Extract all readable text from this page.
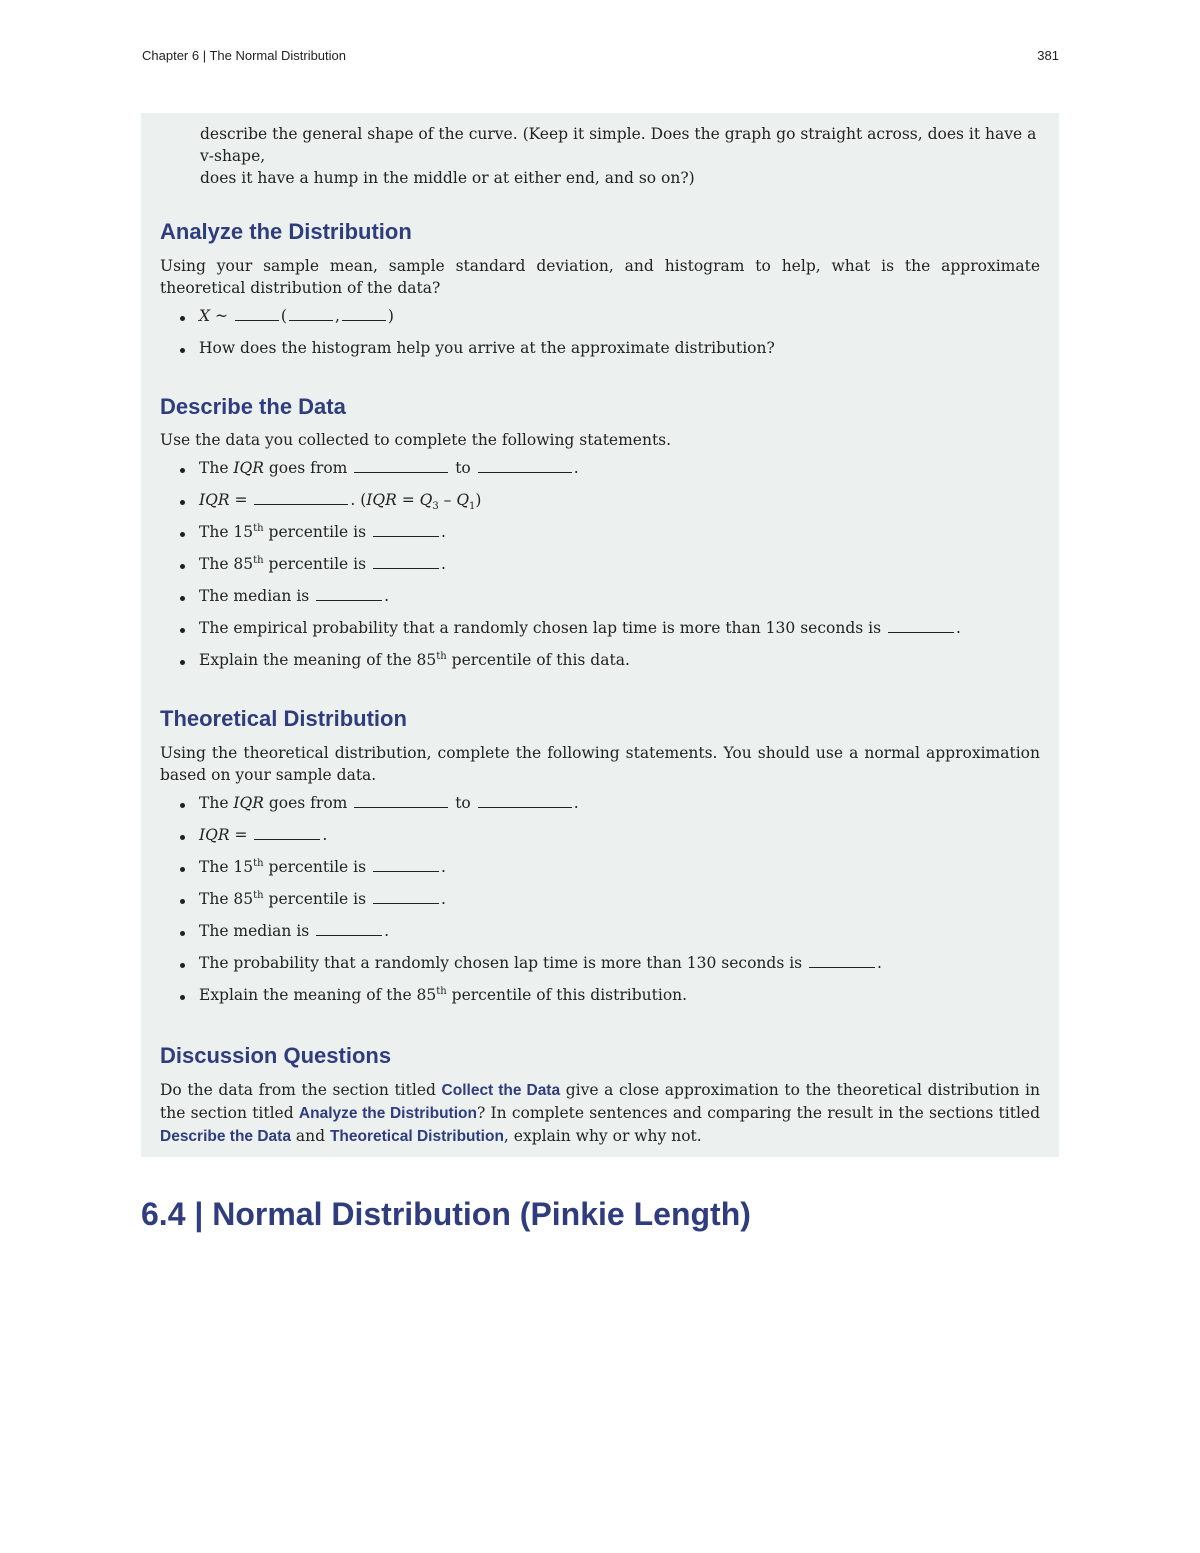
Chapter 6 | The Normal Distribution	381

describe the general shape of the curve. (Keep it simple. Does the graph go straight across, does it have a v-shape,
does it have a hump in the middle or at either end, and so on?)

Analyze the Distribution

Using your sample mean, sample standard deviation, and histogram to help, what is the approximate theoretical distribution of the data?

X ~	(	,	)
How does the histogram help you arrive at the approximate distribution?
Describe the Data

Use the data you collected to complete the following statements.

The IQR goes from	to	.
IQR =	. $(IQR = Q_3 - Q_1)$
The 15th percentile is	.
The 85th percentile is	.
The median is	.
The empirical probability that a randomly chosen lap time is more than 130 seconds is	.
Explain the meaning of the 85th percentile of this data.
Theoretical Distribution

Using the theoretical distribution, complete the following statements. You should use a normal approximation based on your sample data.

The IQR goes from	to	.
IQR =	.
The 15th percentile is	.
The 85th percentile is	.
The median is	.
The probability that a randomly chosen lap time is more than 130 seconds is	.
Explain the meaning of the 85th percentile of this distribution.
Discussion Questions

Do the data from the section titled Collect the Data give a close approximation to the theoretical distribution in the section titled Analyze the Distribution? In complete sentences and comparing the result in the sections titled Describe the Data and Theoretical Distribution, explain why or why not.

6.4 | Normal Distribution (Pinkie Length)
